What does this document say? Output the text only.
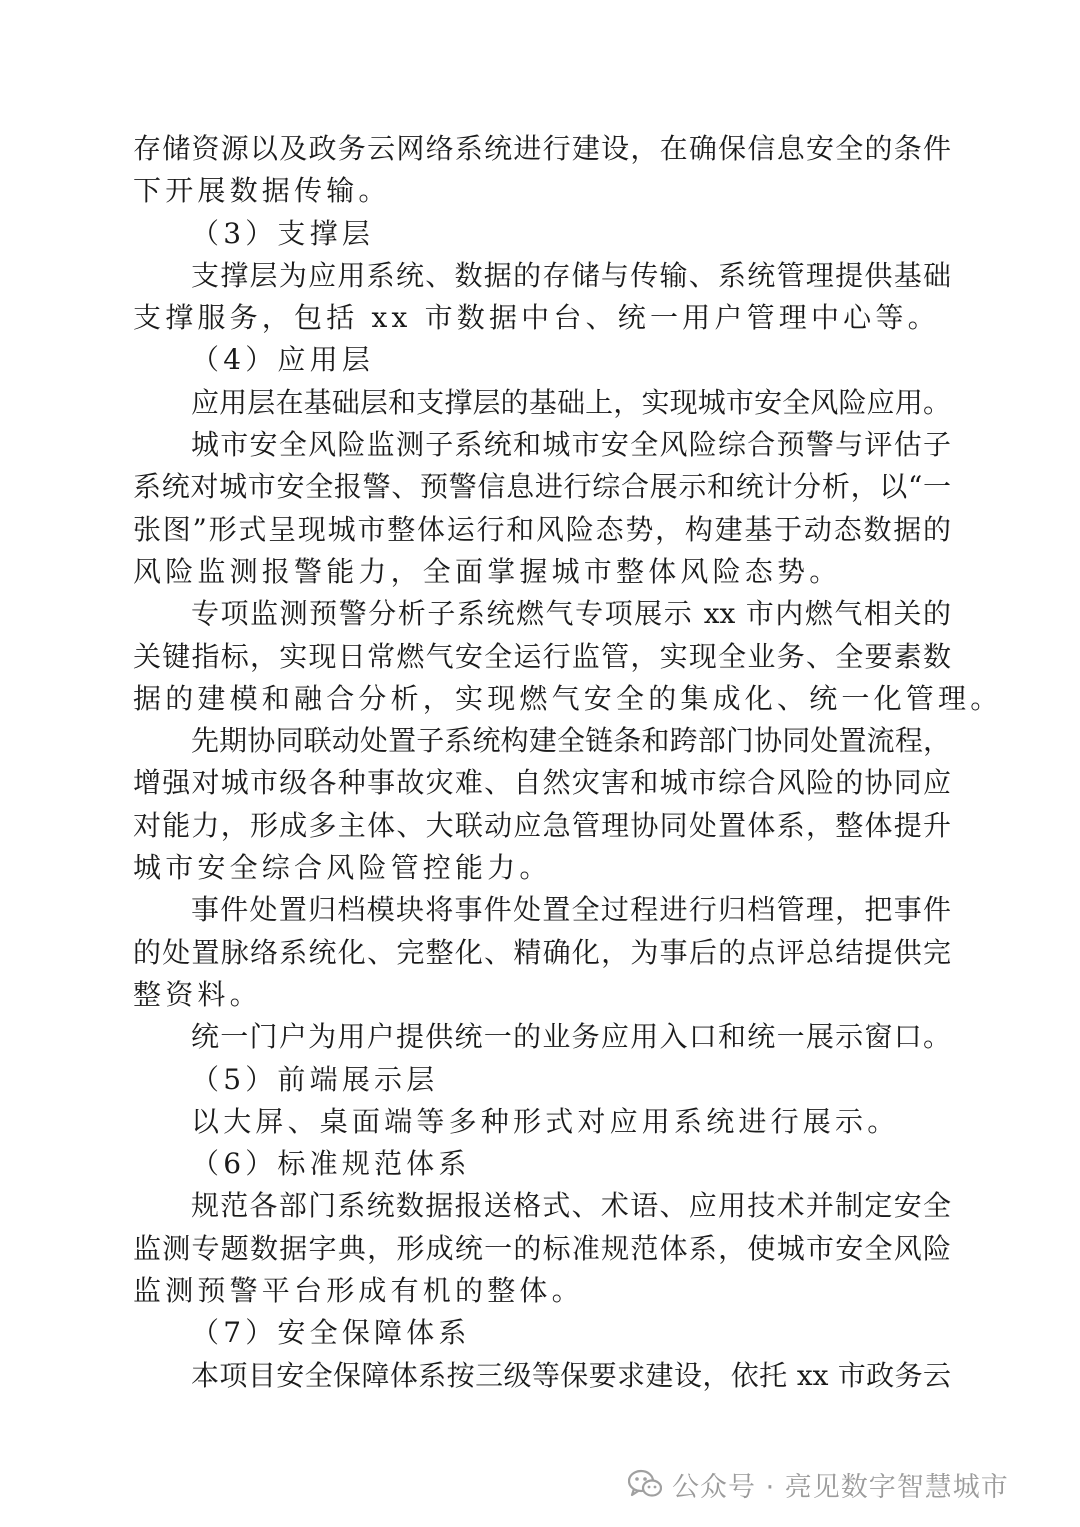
存储资源以及政务云网络系统进行建设，在确保信息安全的条件
下开展数据传输。
（3）支撑层
支撑层为应用系统、数据的存储与传输、系统管理提供基础
支撑服务，包括 xx 市数据中台、统一用户管理中心等。
（4）应用层
应用层在基础层和支撑层的基础上，实现城市安全风险应用。
城市安全风险监测子系统和城市安全风险综合预警与评估子
系统对城市安全报警、预警信息进行综合展示和统计分析，以“一
张图”形式呈现城市整体运行和风险态势，构建基于动态数据的
风险监测报警能力，全面掌握城市整体风险态势。
专项监测预警分析子系统燃气专项展示 xx 市内燃气相关的
关键指标，实现日常燃气安全运行监管，实现全业务、全要素数
据的建模和融合分析，实现燃气安全的集成化、统一化管理。
先期协同联动处置子系统构建全链条和跨部门协同处置流程，
增强对城市级各种事故灾难、自然灾害和城市综合风险的协同应
对能力，形成多主体、大联动应急管理协同处置体系，整体提升
城市安全综合风险管控能力。
事件处置归档模块将事件处置全过程进行归档管理，把事件
的处置脉络系统化、完整化、精确化，为事后的点评总结提供完
整资料。
统一门户为用户提供统一的业务应用入口和统一展示窗口。
（5）前端展示层
以大屏、桌面端等多种形式对应用系统进行展示。
（6）标准规范体系
规范各部门系统数据报送格式、术语、应用技术并制定安全
监测专题数据字典，形成统一的标准规范体系，使城市安全风险
监测预警平台形成有机的整体。
（7）安全保障体系
本项目安全保障体系按三级等保要求建设，依托 xx 市政务云
公众号 · 亮见数字智慧城市
